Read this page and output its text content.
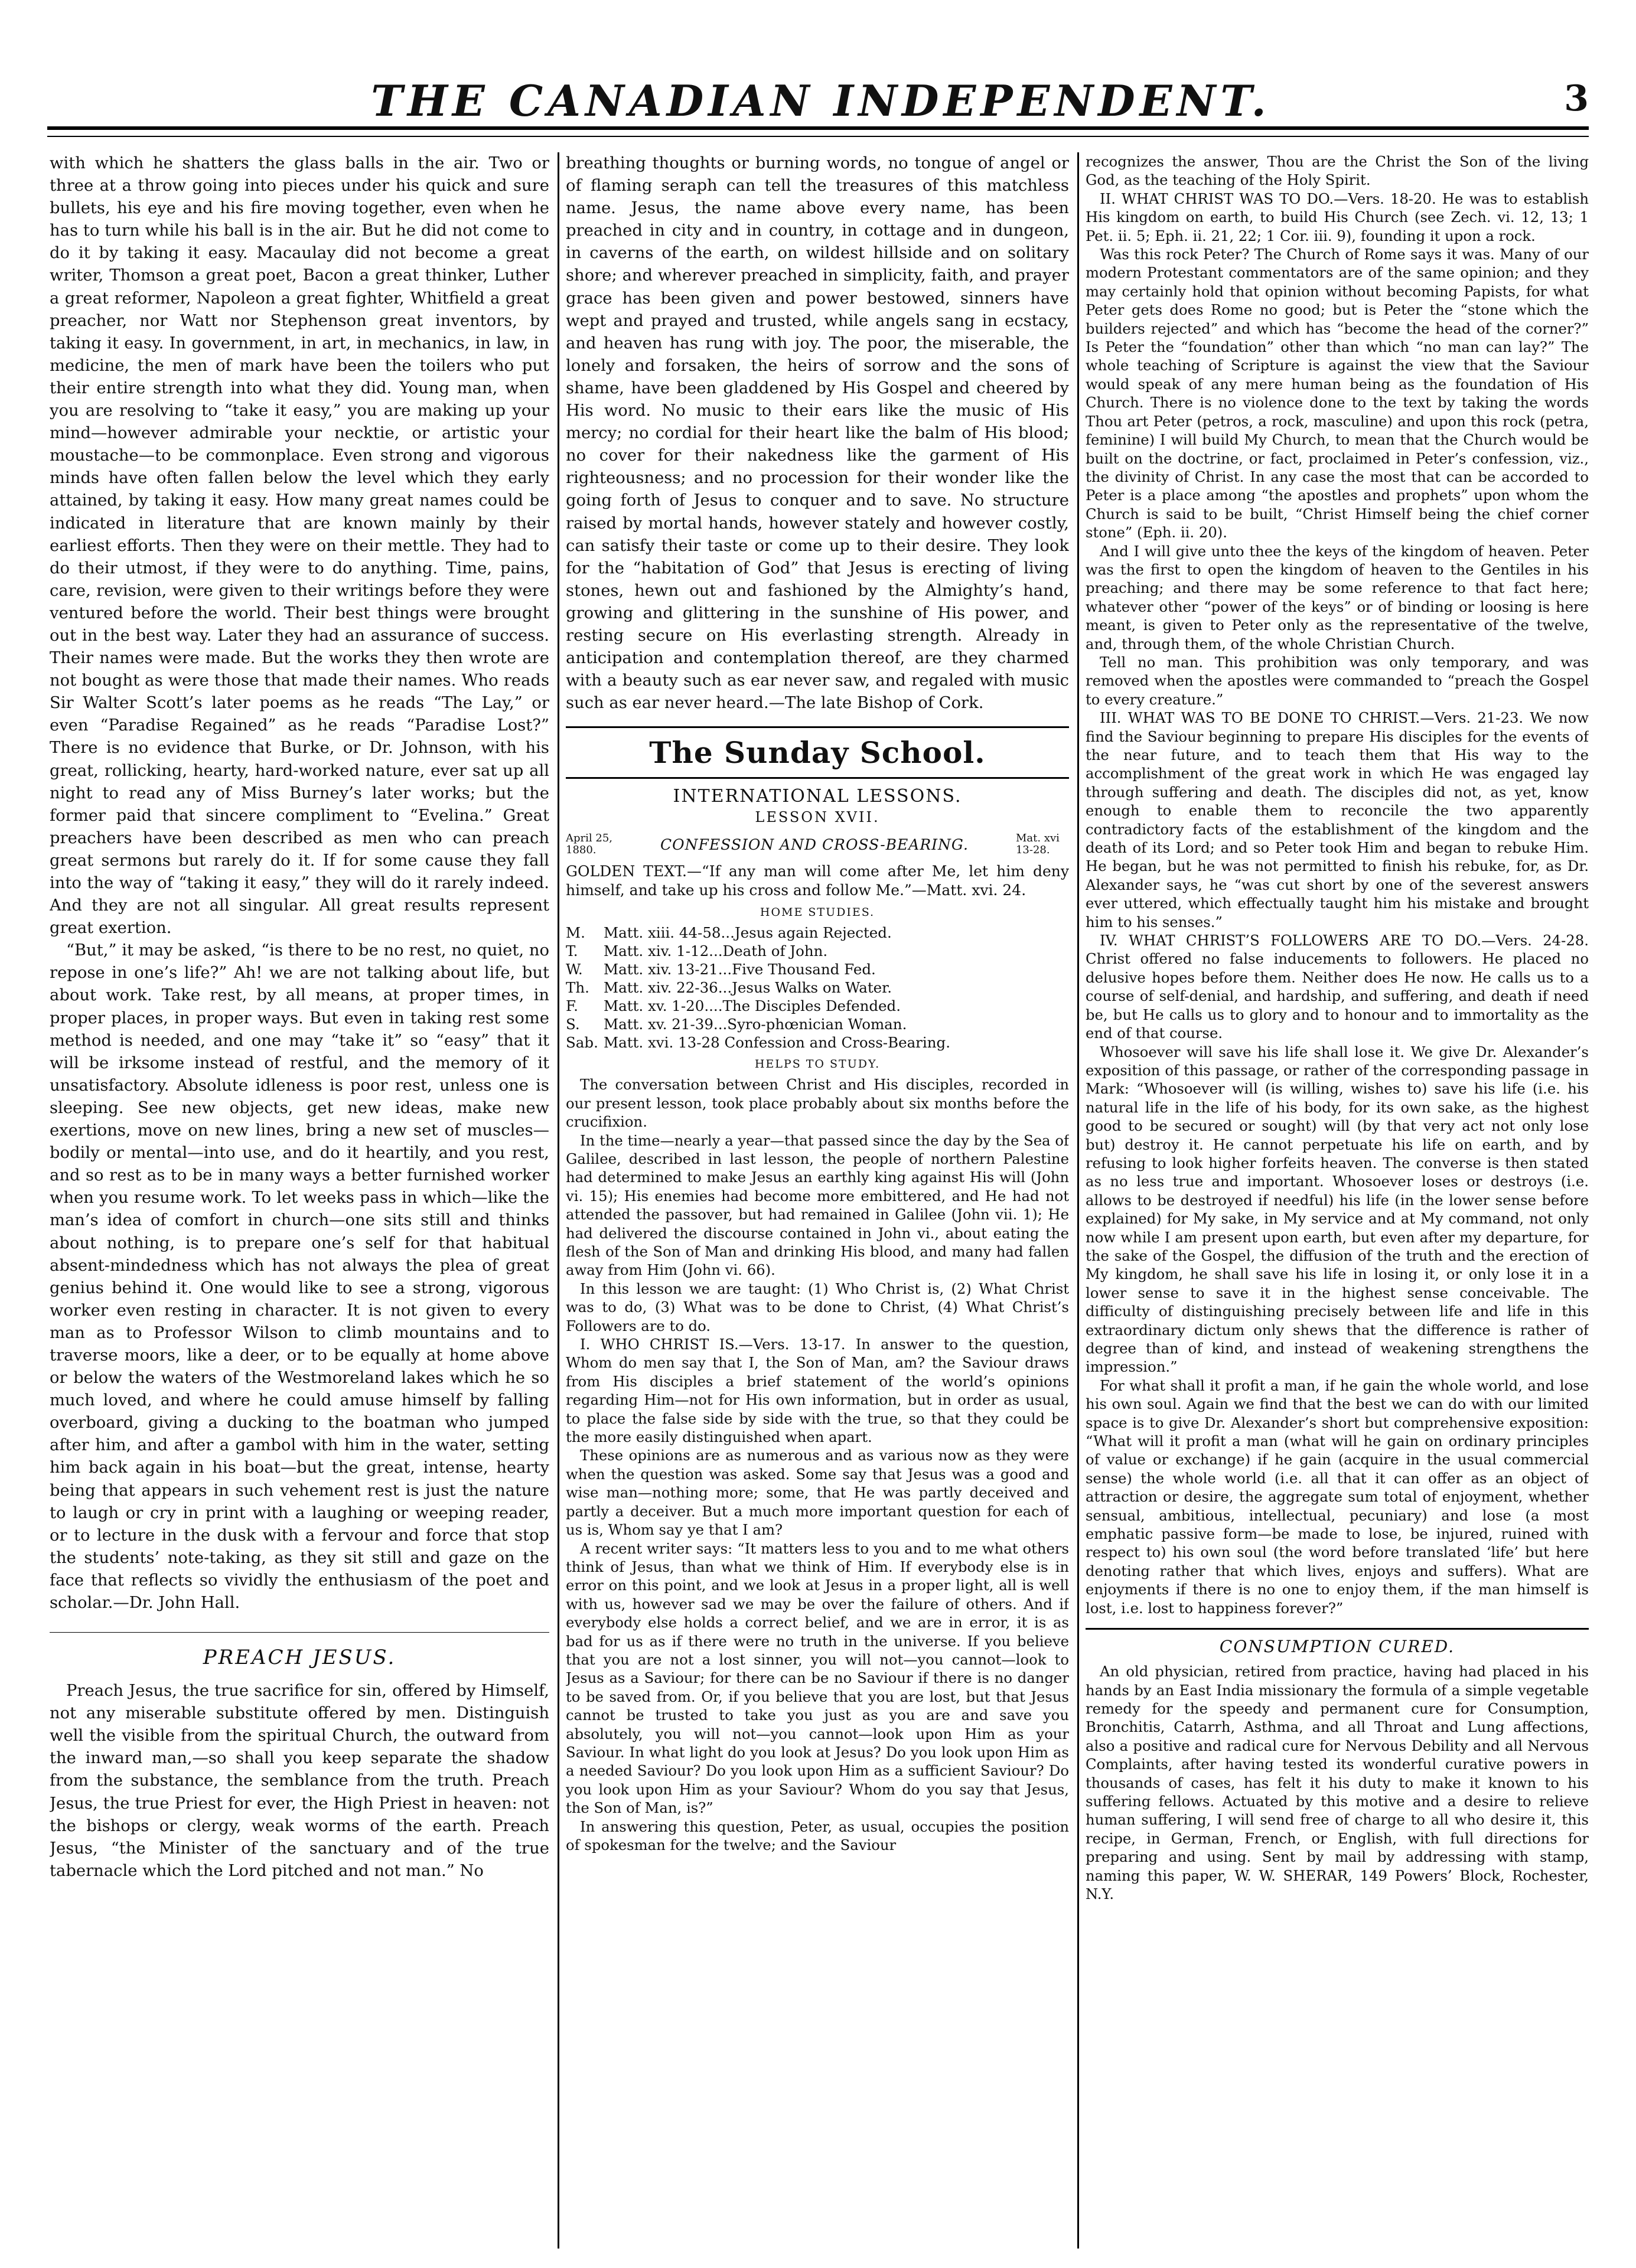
THE CANADIAN INDEPENDENT.	3

with which he shatters the glass balls in the air. Two or three at a throw going into pieces under his quick and sure bullets, his eye and his fire moving together, even when he has to turn while his ball is in the air. But he did not come to do it by taking it easy. Macaulay did not become a great writer, Thomson a great poet, Bacon a great thinker, Luther a great reformer, Napoleon a great fighter, Whitfield a great preacher, nor Watt nor Stephenson great inventors, by taking it easy. In government, in art, in mechanics, in law, in medicine, the men of mark have been the toilers who put their entire strength into what they did. Young man, when you are resolving to “take it easy,” you are making up your mind—however admirable your necktie, or artistic your moustache—to be commonplace. Even strong and vigorous minds have often fallen below the level which they early attained, by taking it easy. How many great names could be indicated in literature that are known mainly by their earliest efforts. Then they were on their mettle. They had to do their utmost, if they were to do anything. Time, pains, care, revision, were given to their writings before they were ventured before the world. Their best things were brought out in the best way. Later they had an assurance of success. Their names were made. But the works they then wrote are not bought as were those that made their names. Who reads Sir Walter Scott’s later poems as he reads “The Lay,” or even “Paradise Regained” as he reads “Paradise Lost?” There is no evidence that Burke, or Dr. Johnson, with his great, rollicking, hearty, hard-worked nature, ever sat up all night to read any of Miss Burney’s later works; but the former paid that sincere compliment to “Evelina.” Great preachers have been described as men who can preach great sermons but rarely do it. If for some cause they fall into the way of “taking it easy,” they will do it rarely indeed. And they are not all singular. All great results represent great exertion.

“But,” it may be asked, “is there to be no rest, no quiet, no repose in one’s life?” Ah! we are not talking about life, but about work. Take rest, by all means, at proper times, in proper places, in proper ways. But even in taking rest some method is needed, and one may “take it” so “easy” that it will be irksome instead of restful, and the memory of it unsatisfactory. Absolute idleness is poor rest, unless one is sleeping. See new objects, get new ideas, make new exertions, move on new lines, bring a new set of muscles—bodily or mental—into use, and do it heartily, and you rest, and so rest as to be in many ways a better furnished worker when you resume work. To let weeks pass in which—like the man’s idea of comfort in church—one sits still and thinks about nothing, is to prepare one’s self for that habitual absent-mindedness which has not always the plea of great genius behind it. One would like to see a strong, vigorous worker even resting in character. It is not given to every man as to Professor Wilson to climb mountains and to traverse moors, like a deer, or to be equally at home above or below the waters of the Westmoreland lakes which he so much loved, and where he could amuse himself by falling overboard, giving a ducking to the boatman who jumped after him, and after a gambol with him in the water, setting him back again in his boat—but the great, intense, hearty being that appears in such vehement rest is just the nature to laugh or cry in print with a laughing or weeping reader, or to lecture in the dusk with a fervour and force that stop the students’ note-taking, as they sit still and gaze on the face that reflects so vividly the enthusiasm of the poet and scholar.—Dr. John Hall.

PREACH JESUS.

Preach Jesus, the true sacrifice for sin, offered by Himself, not any miserable substitute offered by men. Distinguish well the visible from the spiritual Church, the outward from the inward man,—so shall you keep separate the shadow from the substance, the semblance from the truth. Preach Jesus, the true Priest for ever, the High Priest in heaven: not the bishops or clergy, weak worms of the earth. Preach Jesus, “the Minister of the sanctuary and of the true tabernacle which the Lord pitched and not man.” No

breathing thoughts or burning words, no tongue of angel or of flaming seraph can tell the treasures of this matchless name. Jesus, the name above every name, has been preached in city and in country, in cottage and in dungeon, in caverns of the earth, on wildest hillside and on solitary shore; and wherever preached in simplicity, faith, and prayer grace has been given and power bestowed, sinners have wept and prayed and trusted, while angels sang in ecstacy, and heaven has rung with joy. The poor, the miserable, the lonely and forsaken, the heirs of sorrow and the sons of shame, have been gladdened by His Gospel and cheered by His word. No music to their ears like the music of His mercy; no cordial for their heart like the balm of His blood; no cover for their nakedness like the garment of His righteousness; and no procession for their wonder like the going forth of Jesus to conquer and to save. No structure raised by mortal hands, however stately and however costly, can satisfy their taste or come up to their desire. They look for the “habitation of God” that Jesus is erecting of living stones, hewn out and fashioned by the Almighty’s hand, growing and glittering in the sunshine of His power, and resting secure on His everlasting strength. Already in anticipation and contemplation thereof, are they charmed with a beauty such as ear never saw, and regaled with music such as ear never heard.—The late Bishop of Cork.

The Sunday School.
INTERNATIONAL LESSONS.
LESSON XVII.
April 25, 1880.	CONFESSION AND CROSS-BEARING.	Mat. xvi 13-28.
GOLDEN TEXT.—“If any man will come after Me, let him deny himself, and take up his cross and follow Me.”—Matt. xvi. 24.
HOME STUDIES.
M.	Matt. xiii. 44-58...Jesus again Rejected.
T.	Matt. xiv. 1-12...Death of John.
W.	Matt. xiv. 13-21...Five Thousand Fed.
Th. Matt. xiv. 22-36...Jesus Walks on Water.
F.	Matt. xv. 1-20....The Disciples Defended.
S.	Matt. xv. 21-39...Syro-phœnician Woman.
Sab. Matt. xvi. 13-28 Confession and Cross-Bearing.
HELPS TO STUDY.

The conversation between Christ and His disciples, recorded in our present lesson, took place probably about six months before the crucifixion.

In the time—nearly a year—that passed since the day by the Sea of Galilee, described in last lesson, the people of northern Palestine had determined to make Jesus an earthly king against His will (John vi. 15); His enemies had become more embittered, and He had not attended the passover, but had remained in Galilee (John vii. 1); He had delivered the discourse contained in John vi., about eating the flesh of the Son of Man and drinking His blood, and many had fallen away from Him (John vi. 66).

In this lesson we are taught: (1) Who Christ is, (2) What Christ was to do, (3) What was to be done to Christ, (4) What Christ’s Followers are to do.

I. WHO CHRIST IS.—Vers. 13-17. In answer to the question, Whom do men say that I, the Son of Man, am? the Saviour draws from His disciples a brief statement of the world’s opinions regarding Him—not for His own information, but in order as usual, to place the false side by side with the true, so that they could be the more easily distinguished when apart.

These opinions are as numerous and as various now as they were when the question was asked. Some say that Jesus was a good and wise man—nothing more; some, that He was partly deceived and partly a deceiver. But a much more important question for each of us is, Whom say ye that I am?

A recent writer says: “It matters less to you and to me what others think of Jesus, than what we think of Him. If everybody else is in error on this point, and we look at Jesus in a proper light, all is well with us, however sad we may be over the failure of others. And if everybody else holds a correct belief, and we are in error, it is as bad for us as if there were no truth in the universe. If you believe that you are not a lost sinner, you will not—you cannot—look to Jesus as a Saviour; for there can be no Saviour if there is no danger to be saved from. Or, if you believe that you are lost, but that Jesus cannot be trusted to take you just as you are and save you absolutely, you will not—you cannot—look upon Him as your Saviour. In what light do you look at Jesus? Do you look upon Him as a needed Saviour? Do you look upon Him as a sufficient Saviour? Do you look upon Him as your Saviour? Whom do you say that Jesus, the Son of Man, is?”

In answering this question, Peter, as usual, occupies the position of spokesman for the twelve; and the Saviour

recognizes the answer, Thou are the Christ the Son of the living God, as the teaching of the Holy Spirit.

II. WHAT CHRIST WAS TO DO.—Vers. 18-20. He was to establish His kingdom on earth, to build His Church (see Zech. vi. 12, 13; 1 Pet. ii. 5; Eph. ii. 21, 22; 1 Cor. iii. 9), founding it upon a rock.

Was this rock Peter? The Church of Rome says it was. Many of our modern Protestant commentators are of the same opinion; and they may certainly hold that opinion without becoming Papists, for what Peter gets does Rome no good; but is Peter the “stone which the builders rejected” and which has “become the head of the corner?” Is Peter the “foundation” other than which “no man can lay?” The whole teaching of Scripture is against the view that the Saviour would speak of any mere human being as the foundation of His Church. There is no violence done to the text by taking the words Thou art Peter (petros, a rock, masculine) and upon this rock (petra, feminine) I will build My Church, to mean that the Church would be built on the doctrine, or fact, proclaimed in Peter’s confession, viz., the divinity of Christ. In any case the most that can be accorded to Peter is a place among “the apostles and prophets” upon whom the Church is said to be built, “Christ Himself being the chief corner stone” (Eph. ii. 20).

And I will give unto thee the keys of the kingdom of heaven. Peter was the first to open the kingdom of heaven to the Gentiles in his preaching; and there may be some reference to that fact here; whatever other “power of the keys” or of binding or loosing is here meant, is given to Peter only as the representative of the twelve, and, through them, of the whole Christian Church.

Tell no man. This prohibition was only temporary, and was removed when the apostles were commanded to “preach the Gospel to every creature.”

III. WHAT WAS TO BE DONE TO CHRIST.—Vers. 21-23. We now find the Saviour beginning to prepare His disciples for the events of the near future, and to teach them that His way to the accomplishment of the great work in which He was engaged lay through suffering and death. The disciples did not, as yet, know enough to enable them to reconcile the two apparently contradictory facts of the establishment of the kingdom and the death of its Lord; and so Peter took Him and began to rebuke Him. He began, but he was not permitted to finish his rebuke, for, as Dr. Alexander says, he “was cut short by one of the severest answers ever uttered, which effectually taught him his mistake and brought him to his senses.”

IV. WHAT CHRIST’S FOLLOWERS ARE TO DO.—Vers. 24-28. Christ offered no false inducements to followers. He placed no delusive hopes before them. Neither does He now. He calls us to a course of self-denial, and hardship, and suffering, and death if need be, but He calls us to glory and to honour and to immortality as the end of that course.

Whosoever will save his life shall lose it. We give Dr. Alexander’s exposition of this passage, or rather of the corresponding passage in Mark: “Whosoever will (is willing, wishes to) save his life (i.e. his natural life in the life of his body, for its own sake, as the highest good to be secured or sought) will (by that very act not only lose but) destroy it. He cannot perpetuate his life on earth, and by refusing to look higher forfeits heaven. The converse is then stated as no less true and important. Whosoever loses or destroys (i.e. allows to be destroyed if needful) his life (in the lower sense before explained) for My sake, in My service and at My command, not only now while I am present upon earth, but even after my departure, for the sake of the Gospel, the diffusion of the truth and the erection of My kingdom, he shall save his life in losing it, or only lose it in a lower sense to save it in the highest sense conceivable. The difficulty of distinguishing precisely between life and life in this extraordinary dictum only shews that the difference is rather of degree than of kind, and instead of weakening strengthens the impression.”

For what shall it profit a man, if he gain the whole world, and lose his own soul. Again we find that the best we can do with our limited space is to give Dr. Alexander’s short but comprehensive exposition: “What will it profit a man (what will he gain on ordinary principles of value or exchange) if he gain (acquire in the usual commercial sense) the whole world (i.e. all that it can offer as an object of attraction or desire, the aggregate sum total of enjoyment, whether sensual, ambitious, intellectual, pecuniary) and lose (a most emphatic passive form—be made to lose, be injured, ruined with respect to) his own soul (the word before translated ‘life’ but here denoting rather that which lives, enjoys and suffers). What are enjoyments if there is no one to enjoy them, if the man himself is lost, i.e. lost to happiness forever?”

CONSUMPTION CURED.

An old physician, retired from practice, having had placed in his hands by an East India missionary the formula of a simple vegetable remedy for the speedy and permanent cure for Consumption, Bronchitis, Catarrh, Asthma, and all Throat and Lung affections, also a positive and radical cure for Nervous Debility and all Nervous Complaints, after having tested its wonderful curative powers in thousands of cases, has felt it his duty to make it known to his suffering fellows. Actuated by this motive and a desire to relieve human suffering, I will send free of charge to all who desire it, this recipe, in German, French, or English, with full directions for preparing and using. Sent by mail by addressing with stamp, naming this paper, W. W. SHERAR, 149 Powers’ Block, Rochester, N.Y.
